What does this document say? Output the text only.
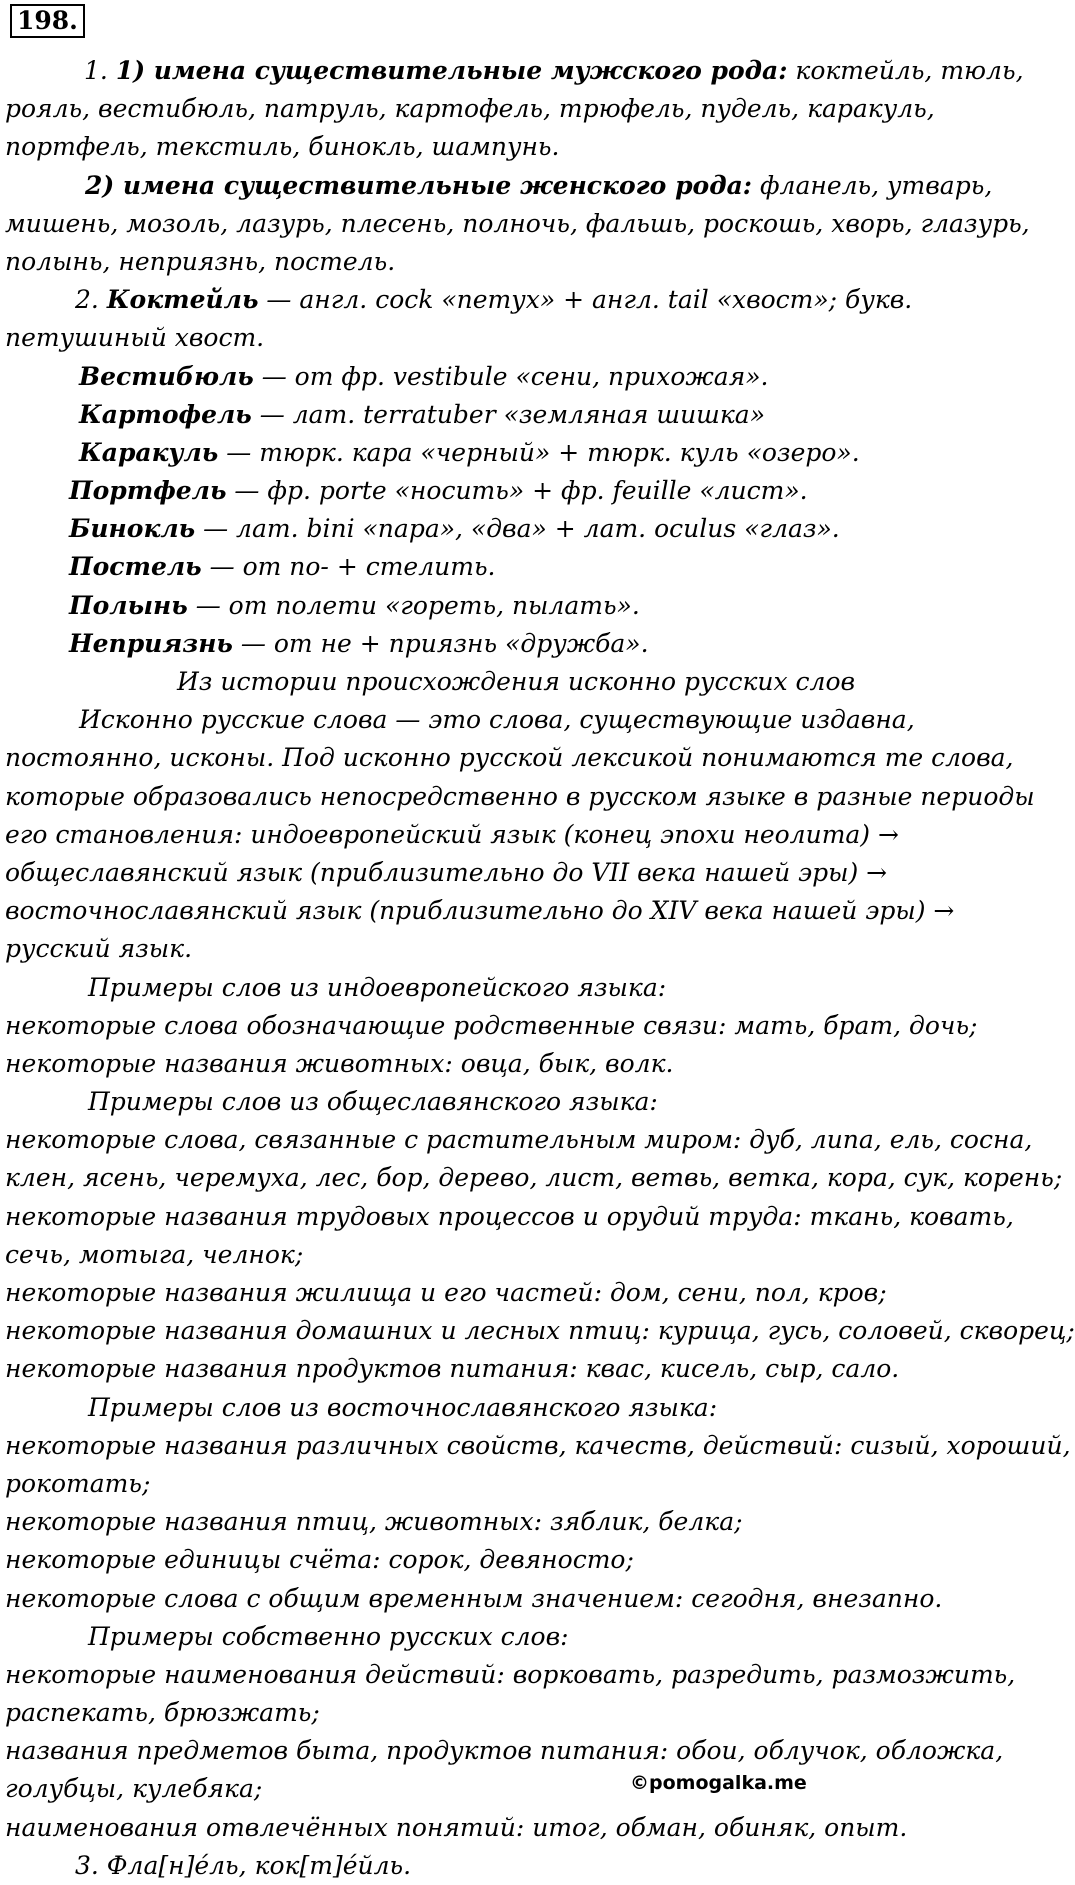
198.
1. 1) имена существительные мужского рода: коктейль, тюль,
рояль, вестибюль, патруль, картофель, трюфель, пудель, каракуль,
портфель, текстиль, бинокль, шампунь.
2) имена существительные женского рода: фланель, утварь,
мишень, мозоль, лазурь, плесень, полночь, фальшь, роскошь, хворь, глазурь,
полынь, неприязнь, постель.
2. Коктейль — англ. cock «петух» + англ. tail «хвост»; букв.
петушиный хвост.
Вестибюль — от фр. vestibule «сени, прихожая».
Картофель — лат. terratuber «земляная шишка»
Каракуль — тюрк. кара «черный» + тюрк. куль «озеро».
Портфель — фр. porte «носить» + фр. feuille «лист».
Бинокль — лат. bini «пара», «два» + лат. oculus «глаз».
Постель — от по- + стелить.
Полынь — от полети «гореть, пылать».
Неприязнь — от не + приязнь «дружба».
Из истории происхождения исконно русских слов
Исконно русские слова — это слова, существующие издавна,
постоянно, исконы. Под исконно русской лексикой понимаются те слова,
которые образовались непосредственно в русском языке в разные периоды
его становления: индоевропейский язык (конец эпохи неолита) →
общеславянский язык (приблизительно до VII века нашей эры) →
восточнославянский язык (приблизительно до XIV века нашей эры) →
русский язык.
Примеры слов из индоевропейского языка:
некоторые слова обозначающие родственные связи: мать, брат, дочь;
некоторые названия животных: овца, бык, волк.
Примеры слов из общеславянского языка:
некоторые слова, связанные с растительным миром: дуб, липа, ель, сосна,
клен, ясень, черемуха, лес, бор, дерево, лист, ветвь, ветка, кора, сук, корень;
некоторые названия трудовых процессов и орудий труда: ткань, ковать,
сечь, мотыга, челнок;
некоторые названия жилища и его частей: дом, сени, пол, кров;
некоторые названия домашних и лесных птиц: курица, гусь, соловей, скворец;
некоторые названия продуктов питания: квас, кисель, сыр, сало.
Примеры слов из восточнославянского языка:
некоторые названия различных свойств, качеств, действий: сизый, хороший,
рокотать;
некоторые названия птиц, животных: зяблик, белка;
некоторые единицы счёта: сорок, девяносто;
некоторые слова с общим временным значением: сегодня, внезапно.
Примеры собственно русских слов:
некоторые наименования действий: ворковать, разредить, размозжить,
распекать, брюзжать;
названия предметов быта, продуктов питания: обои, облучок, обложка,
голубцы, кулебяка;
наименования отвлечённых понятий: итог, обман, обиняк, опыт.
3. Фла[н]éль, кок[т]éйль.
©pomogalka.me
